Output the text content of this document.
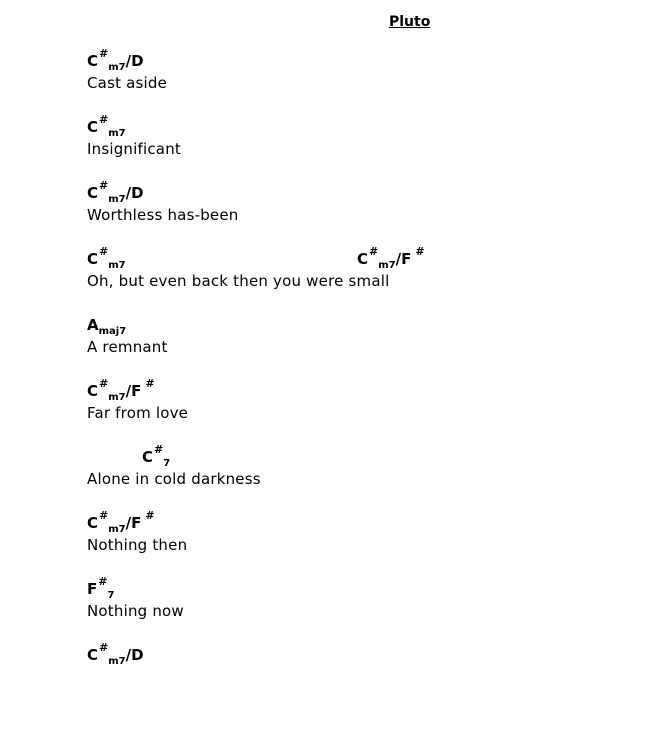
Pluto
$C^{\#}_{m7}/D$
Cast aside
$C^{\#}_{m7}$
Insignificant
$C^{\#}_{m7}/D$
Worthless has-been
$C^{\#}_{m7}$	$C^{\#}_{m7}/F$ #
Oh, but even back then you were small
$A_{maj7}$
A remnant
$C^{\#}_{m7}/F$ #
Far from love
$C^{\#}_7$
Alone in cold darkness
$C^{\#}_{m7}/F$ #
Nothing then
$F^{\#}_7$
Nothing now
$C^{\#}_{m7}/D$
